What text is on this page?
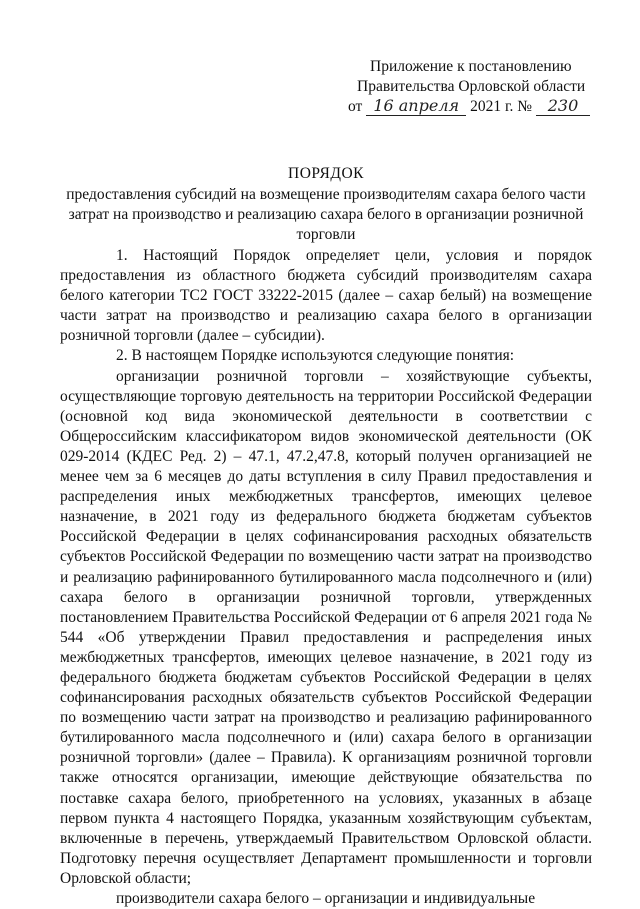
Приложение к постановлению
Правительства Орловской области
от 16 апреля 2021 г. № 230
ПОРЯДОК
предоставления субсидий на возмещение производителям сахара белого части затрат на производство и реализацию сахара белого в организации розничной торговли

1. Настоящий Порядок определяет цели, условия и порядок предоставления из областного бюджета субсидий производителям сахара белого категории ТС2 ГОСТ 33222-2015 (далее – сахар белый) на возмещение части затрат на производство и реализацию сахара белого в организации розничной торговли (далее – субсидии).

2. В настоящем Порядке используются следующие понятия:

организации розничной торговли – хозяйствующие субъекты, осуществляющие торговую деятельность на территории Российской Федерации (основной код вида экономической деятельности в соответствии с Общероссийским классификатором видов экономической деятельности (ОК 029-2014 (КДЕС Ред. 2) – 47.1, 47.2,47.8, который получен организацией не менее чем за 6 месяцев до даты вступления в силу Правил предоставления и распределения иных межбюджетных трансфертов, имеющих целевое назначение, в 2021 году из федерального бюджета бюджетам субъектов Российской Федерации в целях софинансирования расходных обязательств субъектов Российской Федерации по возмещению части затрат на производство и реализацию рафинированного бутилированного масла подсолнечного и (или) сахара белого в организации розничной торговли, утвержденных постановлением Правительства Российской Федерации от 6 апреля 2021 года № 544 «Об утверждении Правил предоставления и распределения иных межбюджетных трансфертов, имеющих целевое назначение, в 2021 году из федерального бюджета бюджетам субъектов Российской Федерации в целях софинансирования расходных обязательств субъектов Российской Федерации по возмещению части затрат на производство и реализацию рафинированного бутилированного масла подсолнечного и (или) сахара белого в организации розничной торговли» (далее – Правила). К организациям розничной торговли также относятся организации, имеющие действующие обязательства по поставке сахара белого, приобретенного на условиях, указанных в абзаце первом пункта 4 настоящего Порядка, указанным хозяйствующим субъектам, включенные в перечень, утверждаемый Правительством Орловской области. Подготовку перечня осуществляет Департамент промышленности и торговли Орловской области;

производители сахара белого – организации и индивидуальные
